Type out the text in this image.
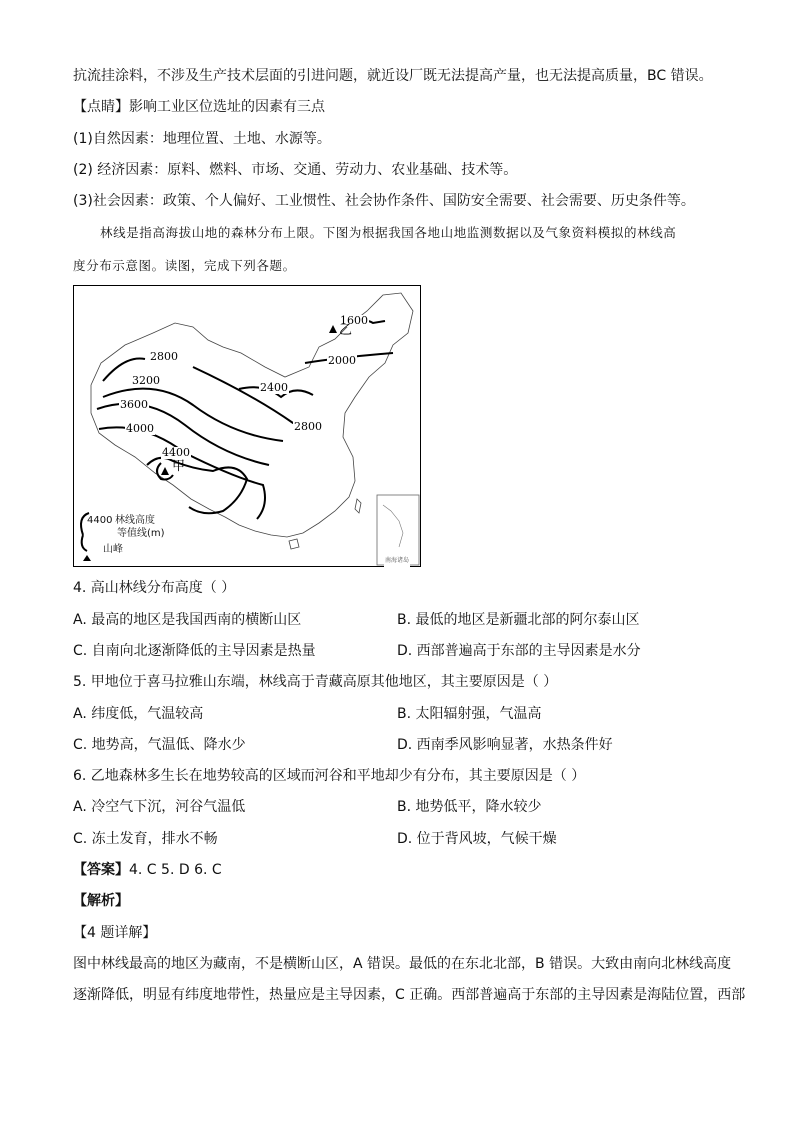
抗流挂涂料，不涉及生产技术层面的引进问题，就近设厂既无法提高产量，也无法提高质量，BC 错误。
【点睛】影响工业区位选址的因素有三点
(1)自然因素：地理位置、土地、水源等。
(2) 经济因素：原料、燃料、市场、交通、劳动力、农业基础、技术等。
(3)社会因素：政策、个人偏好、工业惯性、社会协作条件、国防安全需要、社会需要、历史条件等。
林线是指高海拔山地的森林分布上限。下图为根据我国各地山地监测数据以及气象资料模拟的林线高
度分布示意图。读图，完成下列各题。
1600
2000
2400
2800
2800
3200
3600
4000
4400
乙
甲
南海诸岛
4400 林线高度
等值线(m)
山峰
4. 高山林线分布高度（ ）
A. 最高的地区是我国西南的横断山区	B. 最低的地区是新疆北部的阿尔泰山区
C. 自南向北逐渐降低的主导因素是热量	D. 西部普遍高于东部的主导因素是水分
5. 甲地位于喜马拉雅山东端，林线高于青藏高原其他地区，其主要原因是（ ）
A. 纬度低，气温较高	B. 太阳辐射强，气温高
C. 地势高，气温低、降水少	D. 西南季风影响显著，水热条件好
6. 乙地森林多生长在地势较高的区域而河谷和平地却少有分布，其主要原因是（ ）
A. 冷空气下沉，河谷气温低	B. 地势低平，降水较少
C. 冻土发育，排水不畅	D. 位于背风坡，气候干燥
【答案】4. C 5. D 6. C
【解析】
【4 题详解】
图中林线最高的地区为藏南，不是横断山区，A 错误。最低的在东北北部，B 错误。大致由南向北林线高度
逐渐降低，明显有纬度地带性，热量应是主导因素，C 正确。西部普遍高于东部的主导因素是海陆位置，西部
